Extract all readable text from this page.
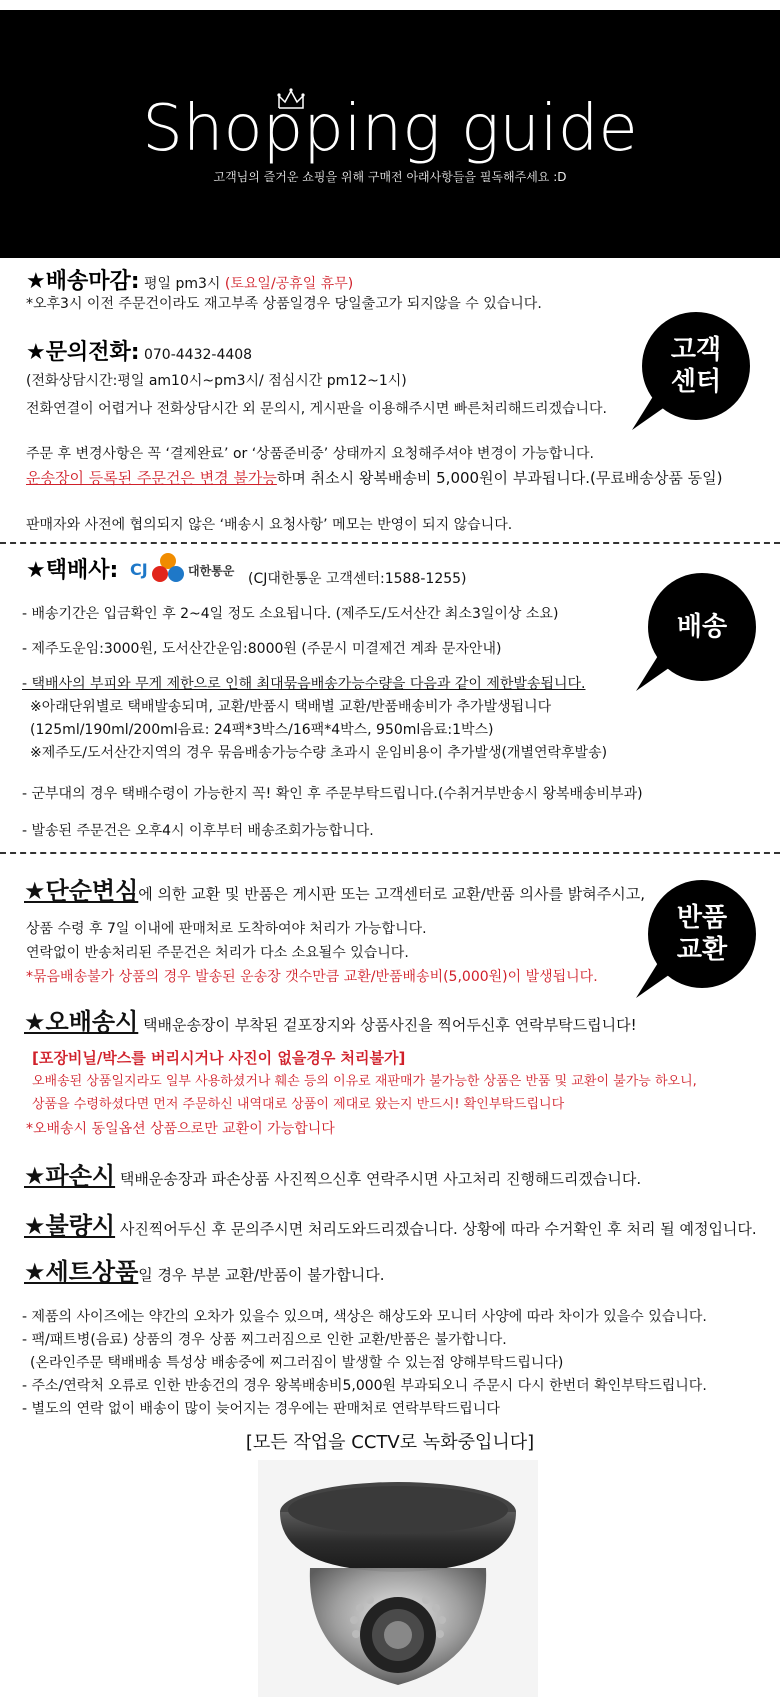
Shopping guide
고객님의 즐거운 쇼핑을 위해 구매전 아래사항들을 필독해주세요 :D
★배송마감: 평일 pm3시 (토요일/공휴일 휴무)
*오후3시 이전 주문건이라도 재고부족 상품일경우 당일출고가 되지않을 수 있습니다.
★문의전화: 070-4432-4408
(전화상담시간:평일 am10시~pm3시/ 점심시간 pm12~1시)
전화연결이 어렵거나 전화상담시간 외 문의시, 게시판을 이용해주시면 빠른처리해드리겠습니다.
주문 후 변경사항은 꼭 ‘결제완료’ or ‘상품준비중’ 상태까지 요청해주셔야 변경이 가능합니다.
운송장이 등록된 주문건은 변경 불가능하며 취소시 왕복배송비 5,000원이 부과됩니다.(무료배송상품 동일)
판매자와 사전에 협의되지 않은 ‘배송시 요청사항’ 메모는 반영이 되지 않습니다.
고객
센터
★택배사: CJ	대한통운 (CJ대한통운 고객센터:1588-1255)
- 배송기간은 입금확인 후 2~4일 정도 소요됩니다. (제주도/도서산간 최소3일이상 소요)
- 제주도운임:3000원, 도서산간운임:8000원 (주문시 미결제건 계좌 문자안내)
- 택배사의 부피와 무게 제한으로 인해 최대묶음배송가능수량을 다음과 같이 제한발송됩니다.
※아래단위별로 택배발송되며, 교환/반품시 택배별 교환/반품배송비가 추가발생됩니다
(125ml/190ml/200ml음료: 24팩*3박스/16팩*4박스, 950ml음료:1박스)
※제주도/도서산간지역의 경우 묶음배송가능수량 초과시 운임비용이 추가발생(개별연락후발송)
- 군부대의 경우 택배수령이 가능한지 꼭! 확인 후 주문부탁드립니다.(수취거부반송시 왕복배송비부과)
- 발송된 주문건은 오후4시 이후부터 배송조회가능합니다.
배송
★단순변심에 의한 교환 및 반품은 게시판 또는 고객센터로 교환/반품 의사를 밝혀주시고,
상품 수령 후 7일 이내에 판매처로 도착하여야 처리가 가능합니다.
연락없이 반송처리된 주문건은 처리가 다소 소요될수 있습니다.
*묶음배송불가 상품의 경우 발송된 운송장 갯수만큼 교환/반품배송비(5,000원)이 발생됩니다.
반품
교환
★오배송시 택배운송장이 부착된 겉포장지와 상품사진을 찍어두신후 연락부탁드립니다!
[포장비닐/박스를 버리시거나 사진이 없을경우 처리불가]
오배송된 상품일지라도 일부 사용하셨거나 훼손 등의 이유로 재판매가 불가능한 상품은 반품 및 교환이 불가능 하오니,
상품을 수령하셨다면 먼저 주문하신 내역대로 상품이 제대로 왔는지 반드시! 확인부탁드립니다
*오배송시 동일옵션 상품으로만 교환이 가능합니다
★파손시 택배운송장과 파손상품 사진찍으신후 연락주시면 사고처리 진행해드리겠습니다.
★불량시 사진찍어두신 후 문의주시면 처리도와드리겠습니다. 상황에 따라 수거확인 후 처리 될 예정입니다.
★세트상품일 경우 부분 교환/반품이 불가합니다.
- 제품의 사이즈에는 약간의 오차가 있을수 있으며, 색상은 해상도와 모니터 사양에 따라 차이가 있을수 있습니다.
- 팩/패트병(음료) 상품의 경우 상품 찌그러짐으로 인한 교환/반품은 불가합니다.
(온라인주문 택배배송 특성상 배송중에 찌그러짐이 발생할 수 있는점 양해부탁드립니다)
- 주소/연락처 오류로 인한 반송건의 경우 왕복배송비5,000원 부과되오니 주문시 다시 한번더 확인부탁드립니다.
- 별도의 연락 없이 배송이 많이 늦어지는 경우에는 판매처로 연락부탁드립니다
[모든 작업을 CCTV로 녹화중입니다]
